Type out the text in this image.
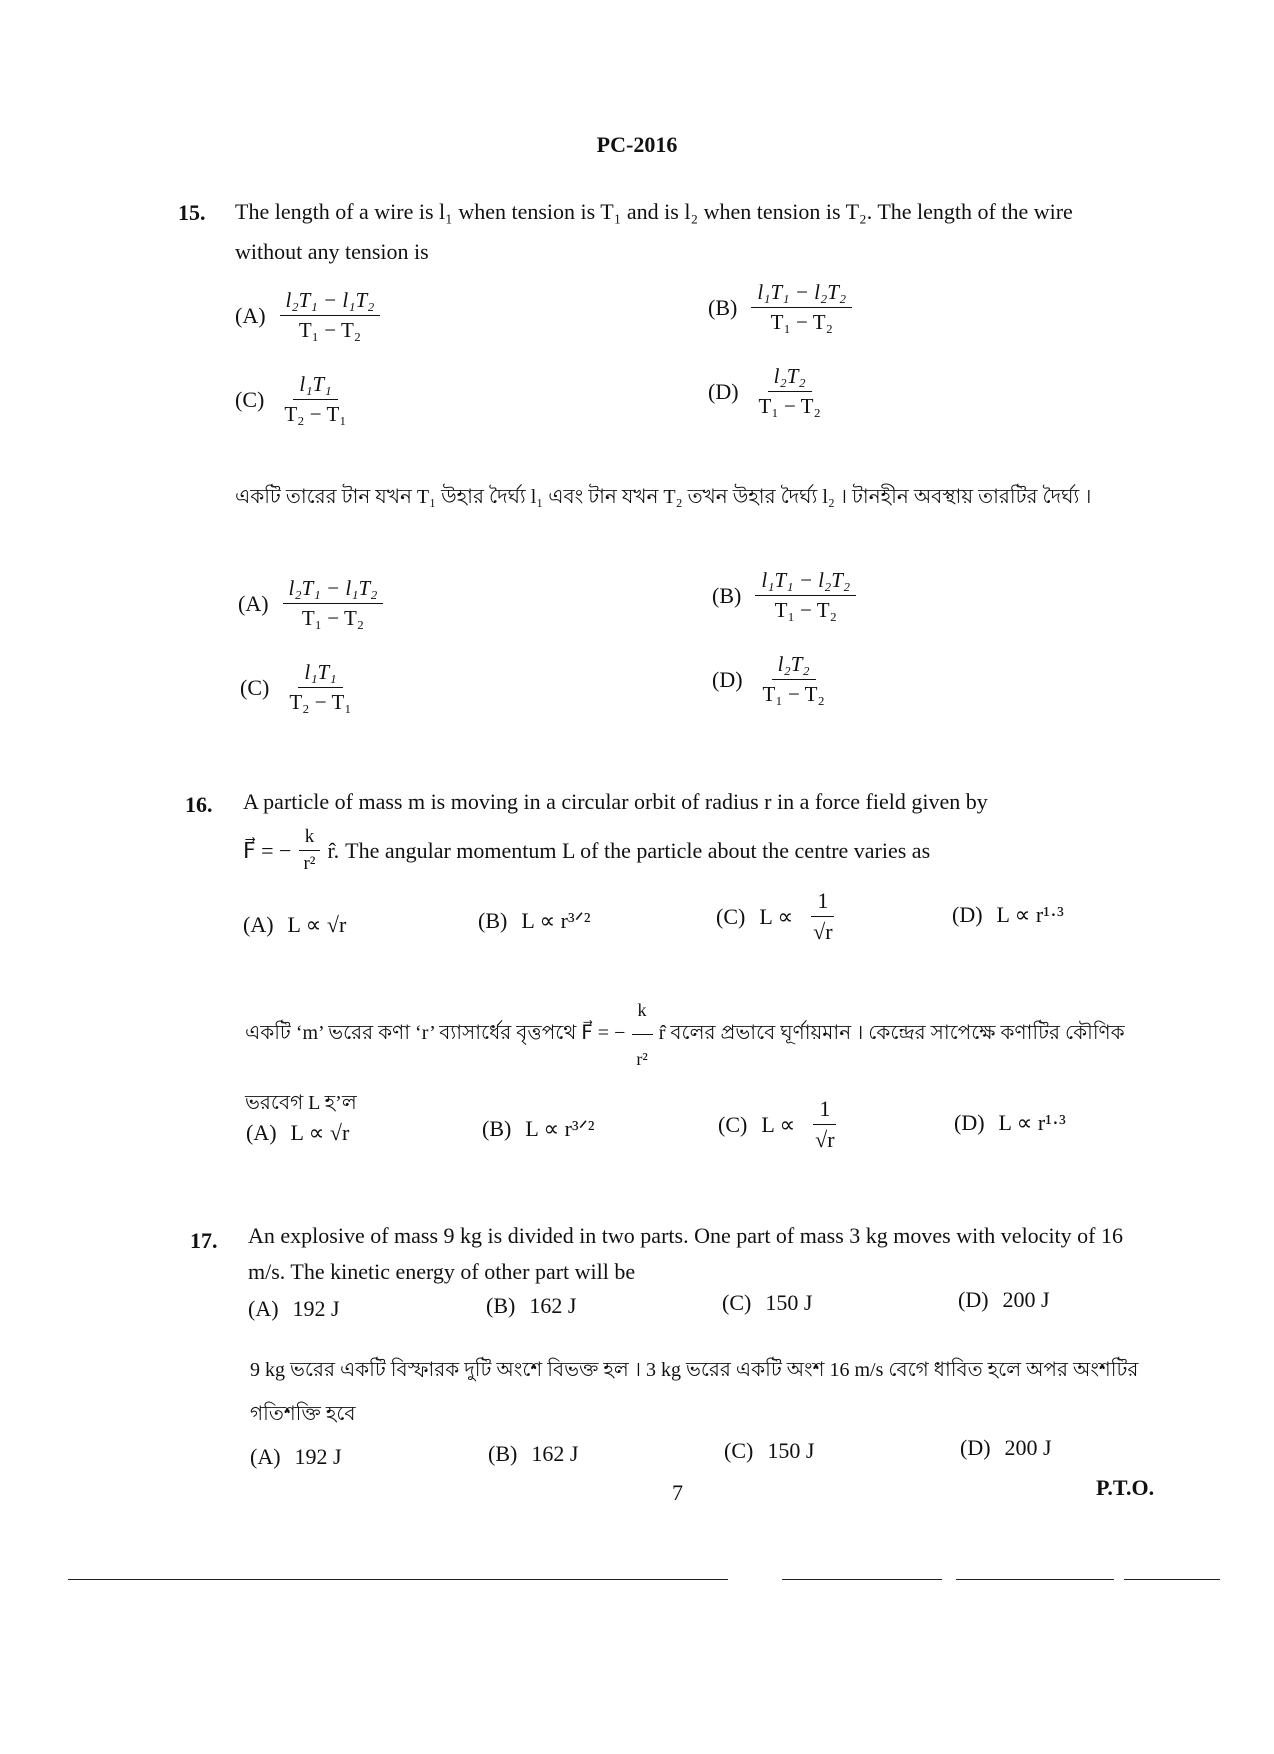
PC-2016
15. The length of a wire is l₁ when tension is T₁ and is l₂ when tension is T₂. The length of the wire without any tension is
$(A) \frac{\text{l₂T₁ − l₁T₂}}{\text{T₁ − T₂}}$	$(B) \frac{\text{l₁T₁ − l₂T₂}}{\text{T₁ − T₂}}$
$(C) \frac{\text{l₁T₁}}{\text{T₂ − T₁}}$	$(D) \frac{\text{l₂T₂}}{\text{T₁ − T₂}}$
একটি তারের টান যখন T₁ উহার দৈর্ঘ্য l₁ এবং টান যখন T₂ তখন উহার দৈর্ঘ্য l₂ । টানহীন অবস্থায় তারটির দৈর্ঘ্য ।
$(A) \frac{\text{l₂T₁ − l₁T₂}}{\text{T₁ − T₂}}$	$(B) \frac{\text{l₁T₁ − l₂T₂}}{\text{T₁ − T₂}}$
$(C) \frac{\text{l₁T₁}}{\text{T₂ − T₁}}$	$(D) \frac{\text{l₂T₂}}{\text{T₁ − T₂}}$
16. A particle of mass m is moving in a circular orbit of radius r in a force field given by
F⃗ = − $\frac{k}{\text{r²}}$ r̂. The angular momentum L of the particle about the centre varies as
(A) L ∝ √r	(B) L ∝ r³ᐟ²	(C) $L \propto \frac{1}{√r}$	(D) L ∝ r¹·³
একটি ‘m’ ভরের কণা ‘r’ ব্যাসার্ধের বৃত্তপথে F⃗ = − $\frac{k}{\text{r²}}$ r̂ বলের প্রভাবে ঘূর্ণায়মান । কেন্দ্রের সাপেক্ষে কণাটির কৌণিক ভরবেগ L হ’ল
(A) L ∝ √r	(B) L ∝ r³ᐟ²	(C) $L \propto \frac{1}{√r}$	(D) L ∝ r¹·³
17. An explosive of mass 9 kg is divided in two parts. One part of mass 3 kg moves with velocity of 16 m/s. The kinetic energy of other part will be
(A) 192 J	(B) 162 J	(C) 150 J	(D) 200 J
9 kg ভরের একটি বিস্ফারক দুটি অংশে বিভক্ত হল । 3 kg ভরের একটি অংশ 16 m/s বেগে ধাবিত হলে অপর অংশটির গতিশক্তি হবে
(A) 192 J	(B) 162 J	(C) 150 J	(D) 200 J
7	P.T.O.
